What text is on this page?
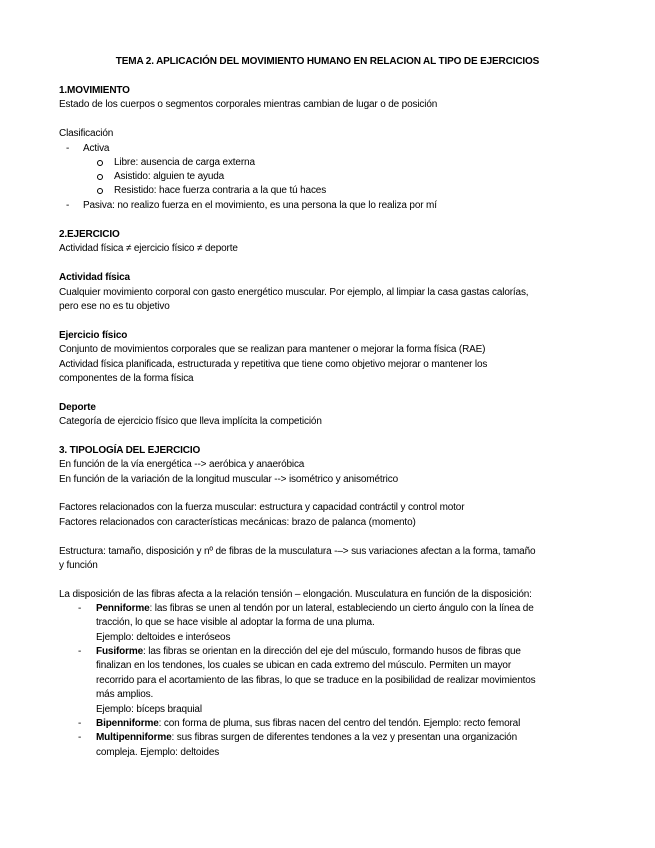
TEMA 2. APLICACIÓN DEL MOVIMIENTO HUMANO EN RELACION AL TIPO DE EJERCICIOS
1.MOVIMIENTO
Estado de los cuerpos o segmentos corporales mientras cambian de lugar o de posición
Clasificación
- Activa
Libre: ausencia de carga externa
Asistido: alguien te ayuda
Resistido: hace fuerza contraria a la que tú haces
- Pasiva: no realizo fuerza en el movimiento, es una persona la que lo realiza por mí
2.EJERCICIO
Actividad física ≠ ejercicio físico ≠ deporte
Actividad física
Cualquier movimiento corporal con gasto energético muscular. Por ejemplo, al limpiar la casa gastas calorías,
pero ese no es tu objetivo
Ejercicio físico
Conjunto de movimientos corporales que se realizan para mantener o mejorar la forma física (RAE)
Actividad física planificada, estructurada y repetitiva que tiene como objetivo mejorar o mantener los
componentes de la forma física
Deporte
Categoría de ejercicio físico que lleva implícita la competición
3. TIPOLOGÍA DEL EJERCICIO
En función de la vía energética --> aeróbica y anaeróbica
En función de la variación de la longitud muscular --> isométrico y anisométrico
Factores relacionados con la fuerza muscular: estructura y capacidad contráctil y control motor
Factores relacionados con características mecánicas: brazo de palanca (momento)
Estructura: tamaño, disposición y nº de fibras de la musculatura -–> sus variaciones afectan a la forma, tamaño
y función
La disposición de las fibras afecta a la relación tensión – elongación. Musculatura en función de la disposición:
- Penniforme: las fibras se unen al tendón por un lateral, estableciendo un cierto ángulo con la línea de
tracción, lo que se hace visible al adoptar la forma de una pluma.
Ejemplo: deltoides e interóseos
- Fusiforme: las fibras se orientan en la dirección del eje del músculo, formando husos de fibras que
finalizan en los tendones, los cuales se ubican en cada extremo del músculo. Permiten un mayor
recorrido para el acortamiento de las fibras, lo que se traduce en la posibilidad de realizar movimientos
más amplios.
Ejemplo: bíceps braquial
- Bipenniforme: con forma de pluma, sus fibras nacen del centro del tendón. Ejemplo: recto femoral
- Multipenniforme: sus fibras surgen de diferentes tendones a la vez y presentan una organización
compleja. Ejemplo: deltoides
